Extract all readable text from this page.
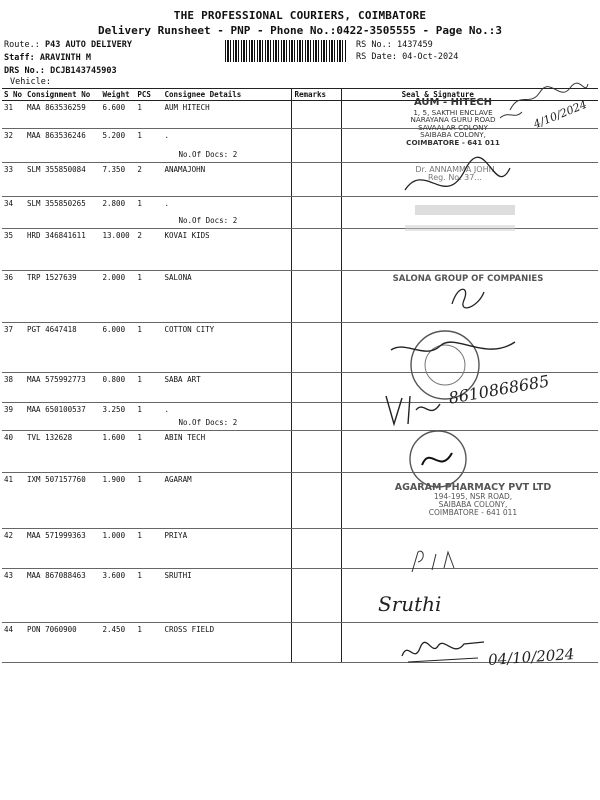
THE PROFESSIONAL COURIERS, COIMBATORE
Delivery Runsheet - PNP - Phone No.:0422-3505555 - Page No.:3
Route.: P43 AUTO DELIVERY
Staff: ARAVINTH M
DRS No.: DCJB143745903
Vehicle:
RS No.: 1437459
RS Date: 04-Oct-2024
S No	Consignment No	Weight	PCS	Consignee Details	Remarks	Seal & Signature
31	MAA 863536259	6.600	1	AUM HITECH		
32	MAA 863536246	5.200	1	.
No.Of Docs: 2		

33	SLM 355850084	7.350	2	ANAMAJOHN		
34	SLM 355850265	2.800	1	.
No.Of Docs: 2		

35	HRD 346841611	13.000	2	KOVAI KIDS		
36	TRP 1527639	2.000	1	SALONA		
37	PGT 4647418	6.000	1	COTTON CITY		
38	MAA 575992773	0.800	1	SABA ART		
39	MAA 650100537	3.250	1	.
No.Of Docs: 2		

40	TVL 132628	1.600	1	ABIN TECH		
41	IXM 507157760	1.900	1	AGARAM		
42	MAA 571999363	1.000	1	PRIYA		
43	MAA 867088463	3.600	1	SRUTHI		
44	PON 7060900	2.450	1	CROSS FIELD		
AUM - HITECH
1, 5, SAKTHI ENCLAVE
NARAYANA GURU ROAD
SAVAALAR COLONY
SAIBABA COLONY,
COIMBATORE - 641 011
4/10/2024
Dr. ANNAMMA JOHN
Reg. No. 37...
SALONA GROUP OF COMPANIES
8610868685
AGARAM PHARMACY PVT LTD
194-195, NSR ROAD,
SAIBABA COLONY,
COIMBATORE - 641 011
Sruthi
04/10/2024
